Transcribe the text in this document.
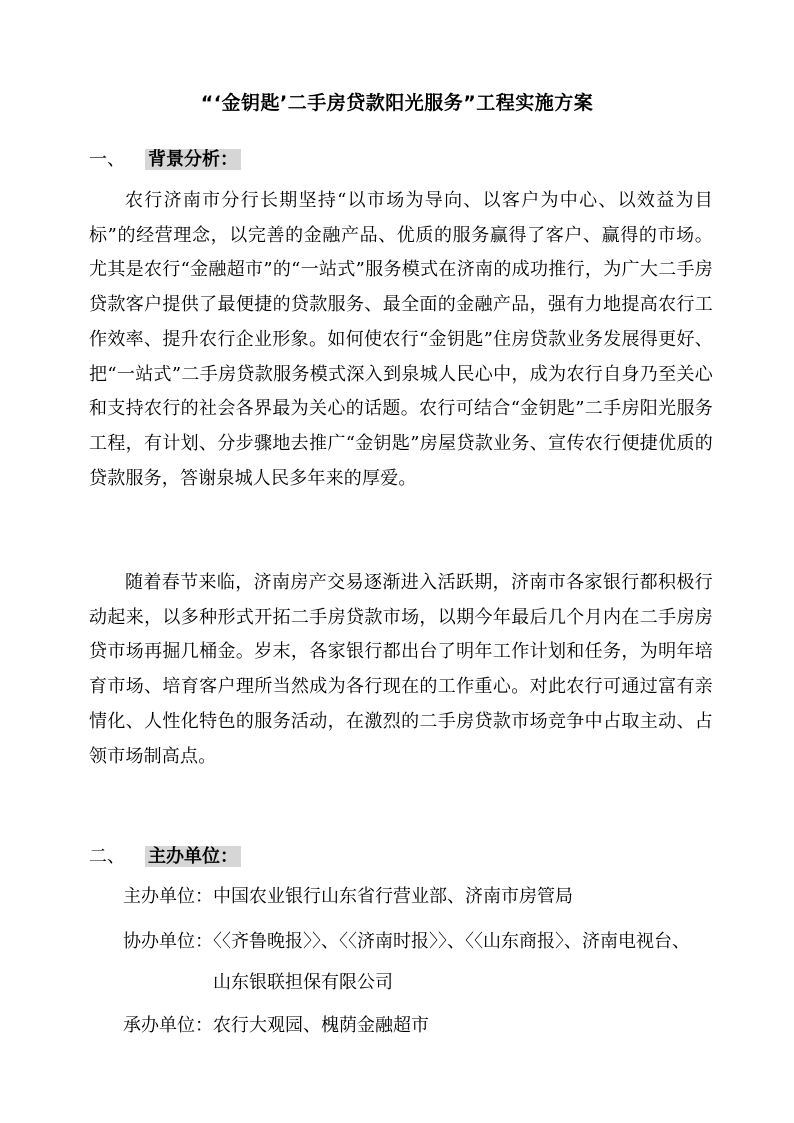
“‘金钥匙’二手房贷款阳光服务”工程实施方案
一、 背景分析：

农行济南市分行长期坚持“以市场为导向、以客户为中心、以效益为目标”的经营理念，以完善的金融产品、优质的服务赢得了客户、赢得的市场。尤其是农行“金融超市”的“一站式”服务模式在济南的成功推行，为广大二手房贷款客户提供了最便捷的贷款服务、最全面的金融产品，强有力地提高农行工作效率、提升农行企业形象。如何使农行“金钥匙”住房贷款业务发展得更好、把“一站式”二手房贷款服务模式深入到泉城人民心中，成为农行自身乃至关心和支持农行的社会各界最为关心的话题。农行可结合“金钥匙”二手房阳光服务工程，有计划、分步骤地去推广“金钥匙”房屋贷款业务、宣传农行便捷优质的贷款服务，答谢泉城人民多年来的厚爱。

随着春节来临，济南房产交易逐渐进入活跃期，济南市各家银行都积极行动起来，以多种形式开拓二手房贷款市场，以期今年最后几个月内在二手房房贷市场再掘几桶金。岁末，各家银行都出台了明年工作计划和任务，为明年培育市场、培育客户理所当然成为各行现在的工作重心。对此农行可通过富有亲情化、人性化特色的服务活动，在激烈的二手房贷款市场竞争中占取主动、占领市场制高点。

二、 主办单位：
主办单位：中国农业银行山东省行营业部、济南市房管局
协办单位：〈〈齐鲁晚报〉〉、〈〈济南时报〉〉、〈〈山东商报〉、济南电视台、
山东银联担保有限公司
承办单位：农行大观园、槐荫金融超市
